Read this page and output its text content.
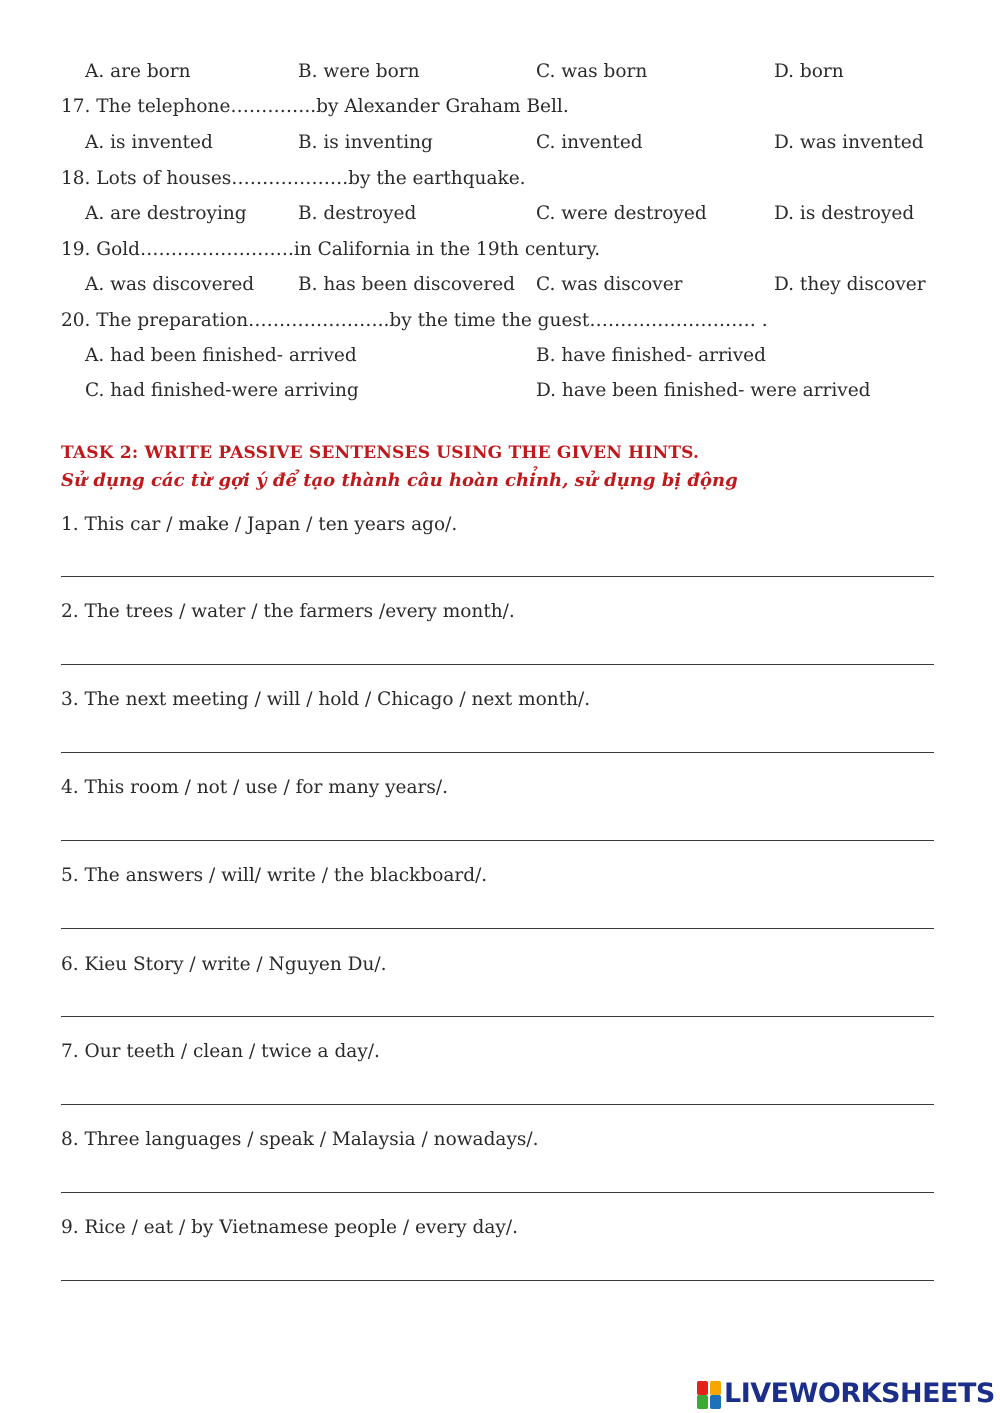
A. are born	B. were born	C. was born	D. born
17. The telephone…………..by Alexander Graham Bell.
A. is invented	B. is inventing	C. invented	D. was invented
18. Lots of houses……………….by the earthquake.
A. are destroying	B. destroyed	C. were destroyed	D. is destroyed
19. Gold…………………….in California in the 19th century.
A. was discovered B. has been discovered C. was discover	D. they discover
20. The preparation…………………..by the time the guest……………………… .
A. had been finished- arrived	B. have finished- arrived
C. had finished-were arriving	D. have been finished- were arrived
TASK 2: WRITE PASSIVE SENTENSES USING THE GIVEN HINTS.
Sử dụng các từ gợi ý để tạo thành câu hoàn chỉnh, sử dụng bị động
1. This car / make / Japan / ten years ago/.
2. The trees / water / the farmers /every month/.
3. The next meeting / will / hold / Chicago / next month/.
4. This room / not / use / for many years/.
5. The answers / will/ write / the blackboard/.
6. Kieu Story / write / Nguyen Du/.
7. Our teeth / clean / twice a day/.
8. Three languages / speak / Malaysia / nowadays/.
9. Rice / eat / by Vietnamese people / every day/.
LIVEWORKSHEETS
